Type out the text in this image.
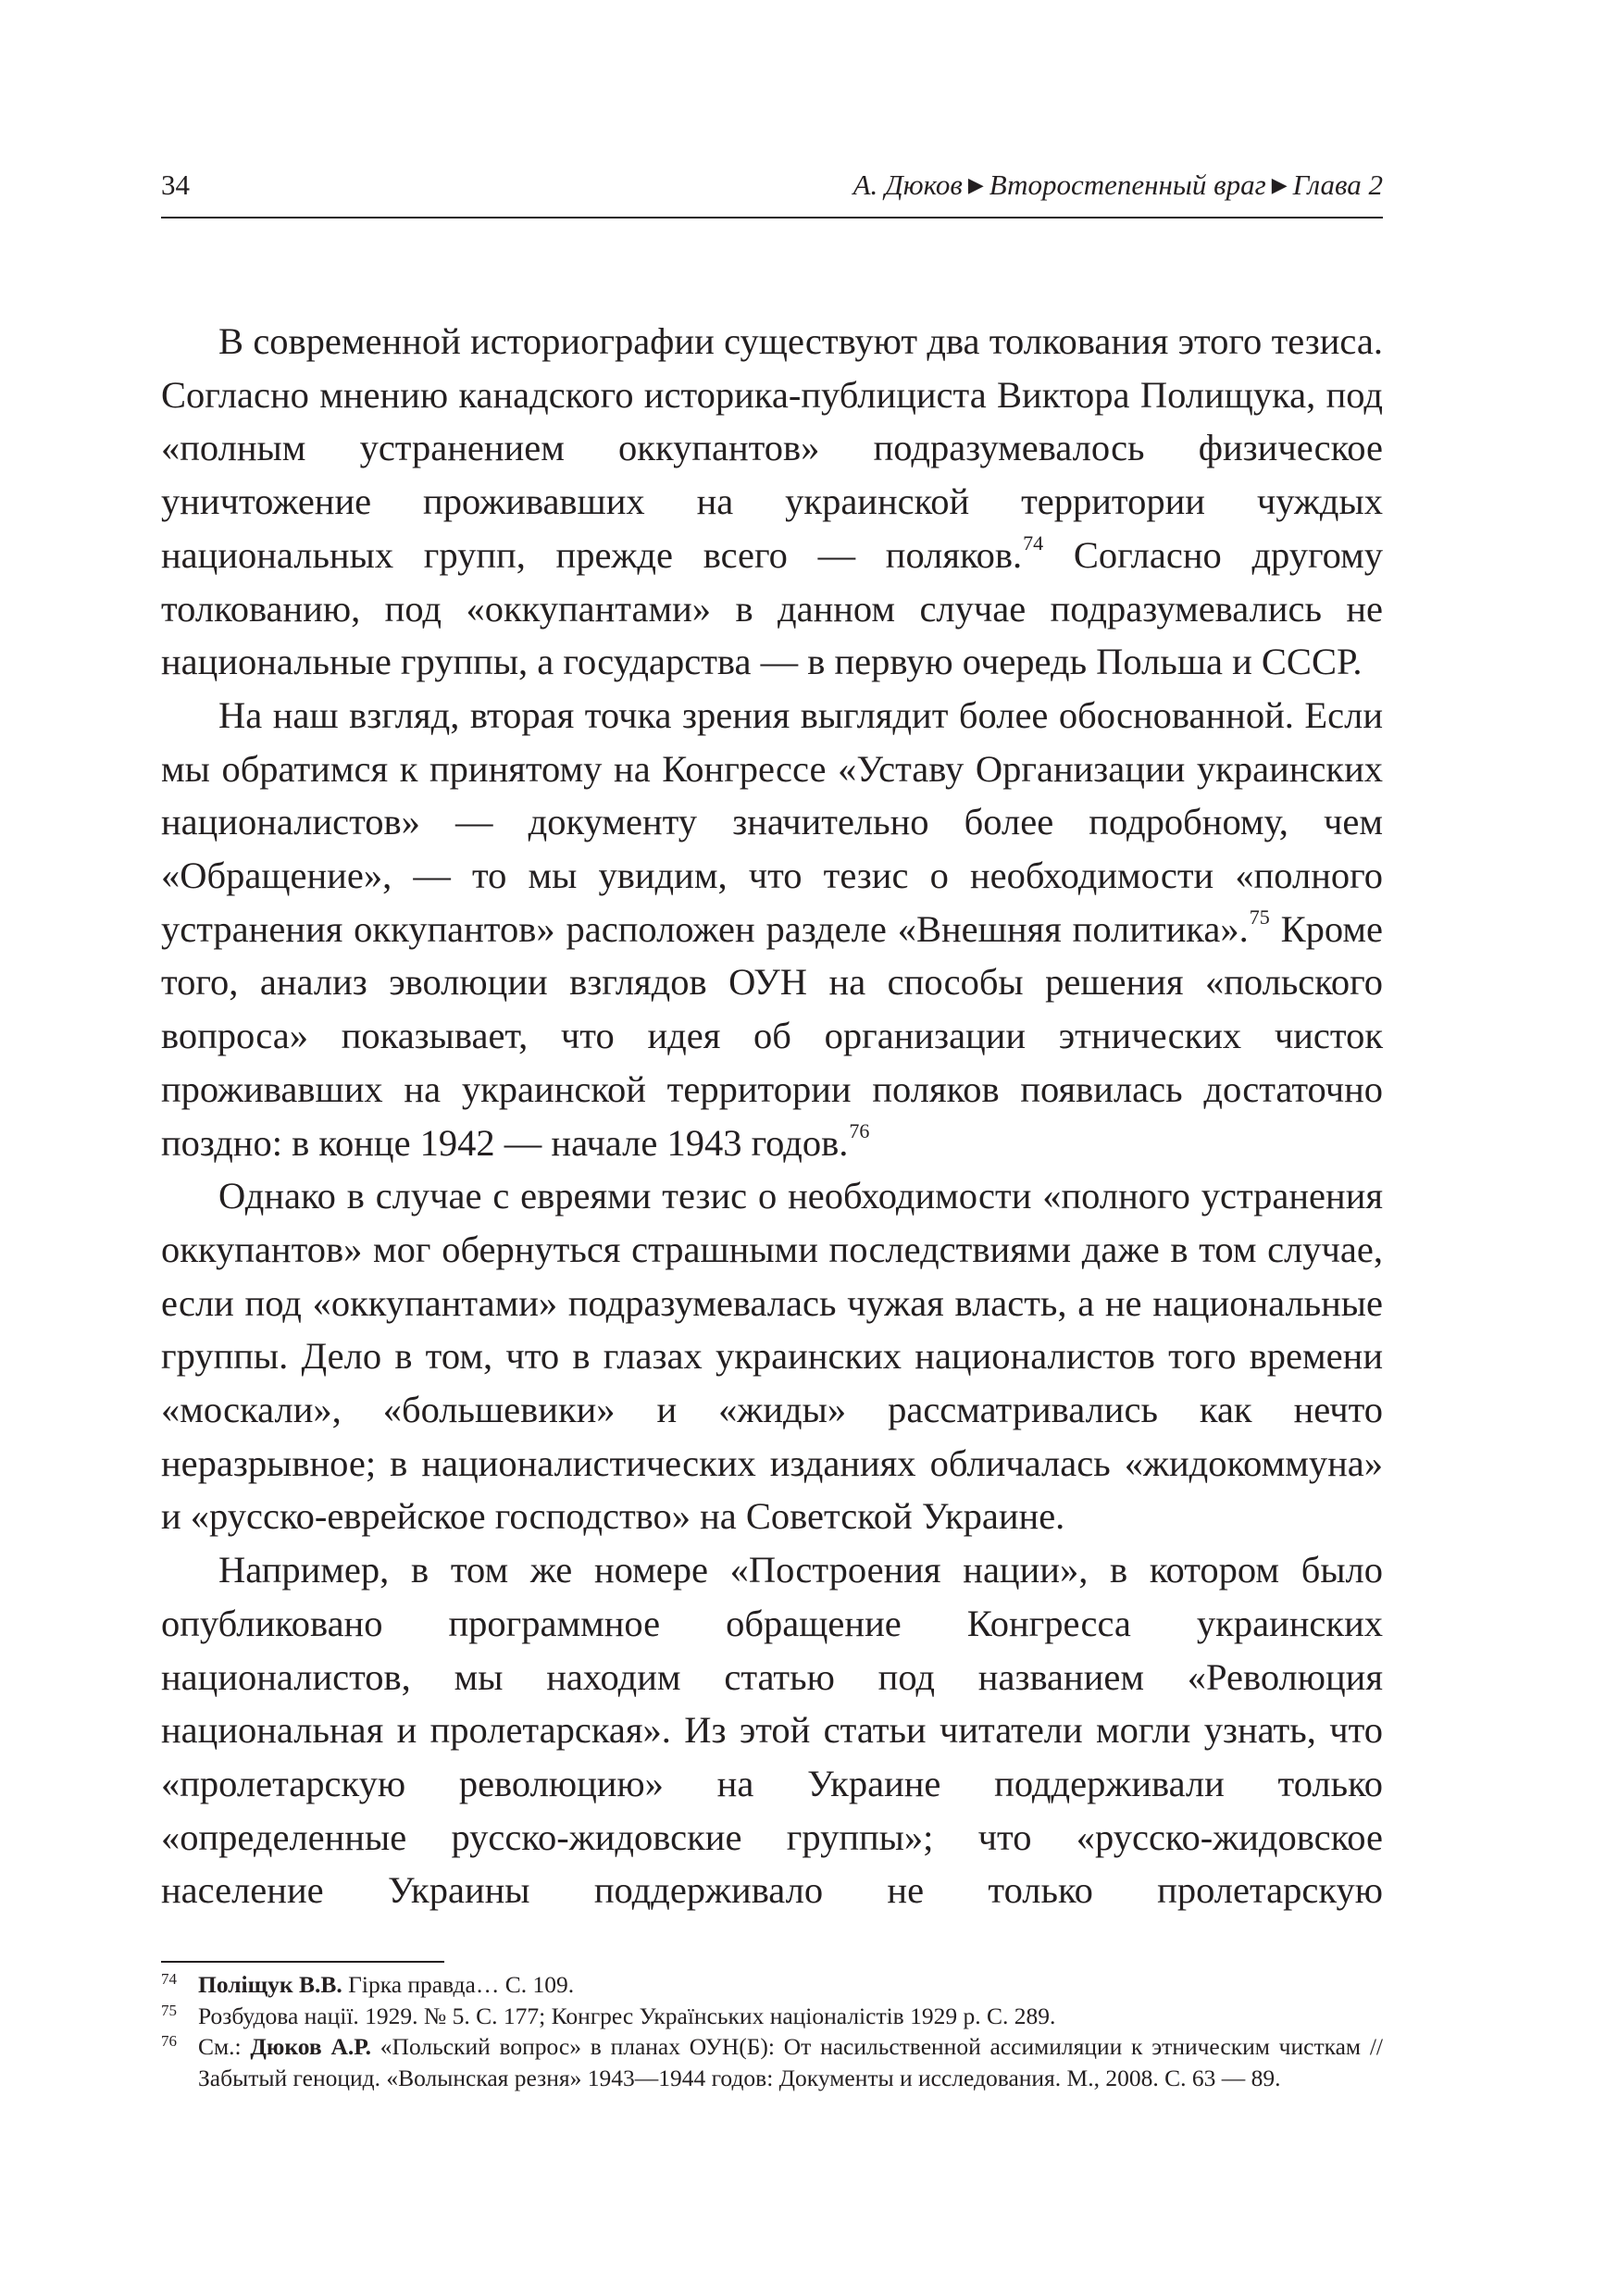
34	А. Дюков ▶ Второстепенный враг ▶ Глава 2

В современной историографии существуют два толкования этого тезиса. Согласно мнению канадского историка-публициста Виктора Полищука, под «полным устранением оккупантов» подразумевалось физическое уничтожение проживавших на украинской территории чуждых национальных групп, прежде всего — поляков.$^{74}$ Согласно другому толкованию, под «оккупантами» в данном случае подразумевались не национальные группы, а государства — в первую очередь Польша и СССР.

На наш взгляд, вторая точка зрения выглядит более обоснованной. Если мы обратимся к принятому на Конгрессе «Уставу Организации украинских националистов» — документу значительно более подробному, чем «Обращение», — то мы увидим, что тезис о необходимости «полного устранения оккупантов» расположен разделе «Внешняя политика».$^{75}$ Кроме того, анализ эволюции взглядов ОУН на способы решения «польского вопроса» показывает, что идея об организации этнических чисток проживавших на украинской территории поляков появилась достаточно поздно: в конце 1942 — начале 1943 годов.$^{76}$

Однако в случае с евреями тезис о необходимости «полного устранения оккупантов» мог обернуться страшными последствиями даже в том случае, если под «оккупантами» подразумевалась чужая власть, а не национальные группы. Дело в том, что в глазах украинских националистов того времени «москали», «большевики» и «жиды» рассматривались как нечто неразрывное; в националистических изданиях обличалась «жидокоммуна» и «русско-еврейское господство» на Советской Украине.

Например, в том же номере «Построения нации», в котором было опубликовано программное обращение Конгресса украинских националистов, мы находим статью под названием «Революция национальная и пролетарская». Из этой статьи читатели могли узнать, что «пролетарскую революцию» на Украине поддерживали только «определенные русско-жидовские группы»; что «русско-жидовское население Украины поддерживало не только пролетарскую

74 Поліщук В.В. Гірка правда… С. 109.

75 Розбудова нації. 1929. № 5. С. 177; Конгрес Українських націоналістів 1929 р. С. 289.

76 См.: Дюков А.Р. «Польский вопрос» в планах ОУН(Б): От насильственной ассимиляции к этническим чисткам // Забытый геноцид. «Волынская резня» 1943—1944 годов: Документы и исследования. М., 2008. С. 63 — 89.
